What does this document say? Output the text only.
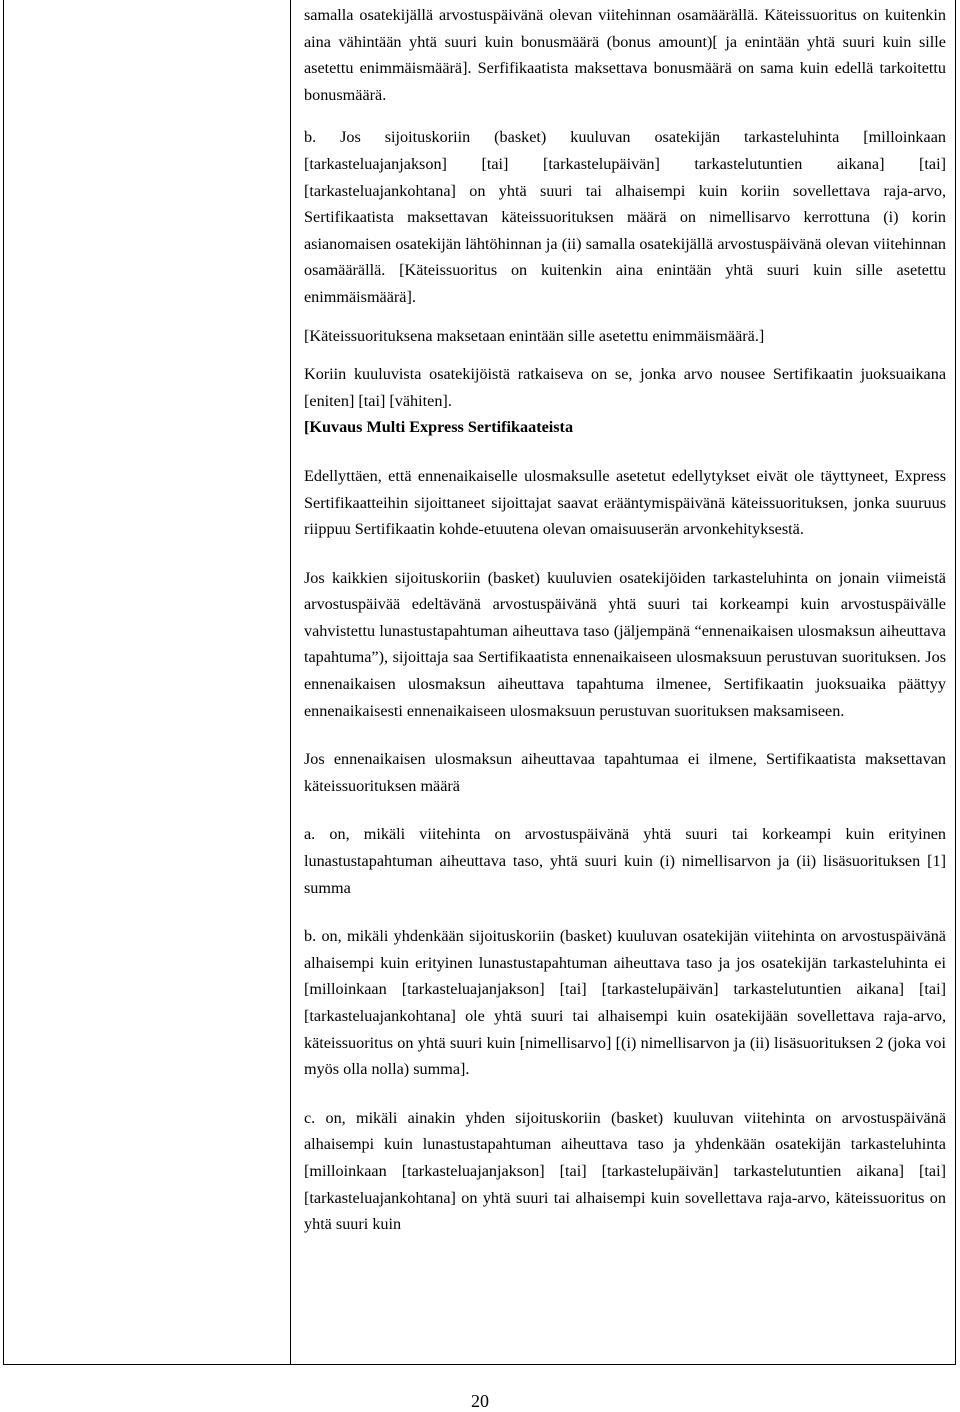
samalla osatekijällä arvostuspäivänä olevan viitehinnan osamäärällä. Käteissuoritus on kuitenkin aina vähintään yhtä suuri kuin bonusmäärä (bonus amount)[ ja enintään yhtä suuri kuin sille asetettu enimmäismäärä]. Serfifikaatista maksettava bonusmäärä on sama kuin edellä tarkoitettu bonusmäärä.

b. Jos sijoituskoriin (basket) kuuluvan osatekijän tarkasteluhinta [milloinkaan [tarkasteluajanjakson] [tai] [tarkastelupäivän] tarkastelutuntien aikana] [tai] [tarkasteluajankohtana] on yhtä suuri tai alhaisempi kuin koriin sovellettava raja-arvo, Sertifikaatista maksettavan käteissuorituksen määrä on nimellisarvo kerrottuna (i) korin asianomaisen osatekijän lähtöhinnan ja (ii) samalla osatekijällä arvostuspäivänä olevan viitehinnan osamäärällä. [Käteissuoritus on kuitenkin aina enintään yhtä suuri kuin sille asetettu enimmäismäärä].

[Käteissuorituksena maksetaan enintään sille asetettu enimmäismäärä.]

Koriin kuuluvista osatekijöistä ratkaiseva on se, jonka arvo nousee Sertifikaatin juoksuaikana [eniten] [tai] [vähiten].

[Kuvaus Multi Express Sertifikaateista

Edellyttäen, että ennenaikaiselle ulosmaksulle asetetut edellytykset eivät ole täyttyneet, Express Sertifikaatteihin sijoittaneet sijoittajat saavat erääntymispäivänä käteissuorituksen, jonka suuruus riippuu Sertifikaatin kohde-etuutena olevan omaisuuserän arvonkehityksestä.

Jos kaikkien sijoituskoriin (basket) kuuluvien osatekijöiden tarkasteluhinta on jonain viimeistä arvostuspäivää edeltävänä arvostuspäivänä yhtä suuri tai korkeampi kuin arvostuspäivälle vahvistettu lunastustapahtuman aiheuttava taso (jäljempänä “ennenaikaisen ulosmaksun aiheuttava tapahtuma”), sijoittaja saa Sertifikaatista ennenaikaiseen ulosmaksuun perustuvan suorituksen. Jos ennenaikaisen ulosmaksun aiheuttava tapahtuma ilmenee, Sertifikaatin juoksuaika päättyy ennenaikaisesti ennenaikaiseen ulosmaksuun perustuvan suorituksen maksamiseen.

Jos ennenaikaisen ulosmaksun aiheuttavaa tapahtumaa ei ilmene, Sertifikaatista maksettavan käteissuorituksen määrä

a. on, mikäli viitehinta on arvostuspäivänä yhtä suuri tai korkeampi kuin erityinen lunastustapahtuman aiheuttava taso, yhtä suuri kuin (i) nimellisarvon ja (ii) lisäsuorituksen [1] summa

b. on, mikäli yhdenkään sijoituskoriin (basket) kuuluvan osatekijän viitehinta on arvostuspäivänä alhaisempi kuin erityinen lunastustapahtuman aiheuttava taso ja jos osatekijän tarkasteluhinta ei [milloinkaan [tarkasteluajanjakson] [tai] [tarkastelupäivän] tarkastelutuntien aikana] [tai] [tarkasteluajankohtana] ole yhtä suuri tai alhaisempi kuin osatekijään sovellettava raja-arvo, käteissuoritus on yhtä suuri kuin [nimellisarvo] [(i) nimellisarvon ja (ii) lisäsuorituksen 2 (joka voi myös olla nolla) summa].

c. on, mikäli ainakin yhden sijoituskoriin (basket) kuuluvan viitehinta on arvostuspäivänä alhaisempi kuin lunastustapahtuman aiheuttava taso ja yhdenkään osatekijän tarkasteluhinta [milloinkaan [tarkasteluajanjakson] [tai] [tarkastelupäivän] tarkastelutuntien aikana] [tai] [tarkasteluajankohtana] on yhtä suuri tai alhaisempi kuin sovellettava raja-arvo, käteissuoritus on yhtä suuri kuin

20
